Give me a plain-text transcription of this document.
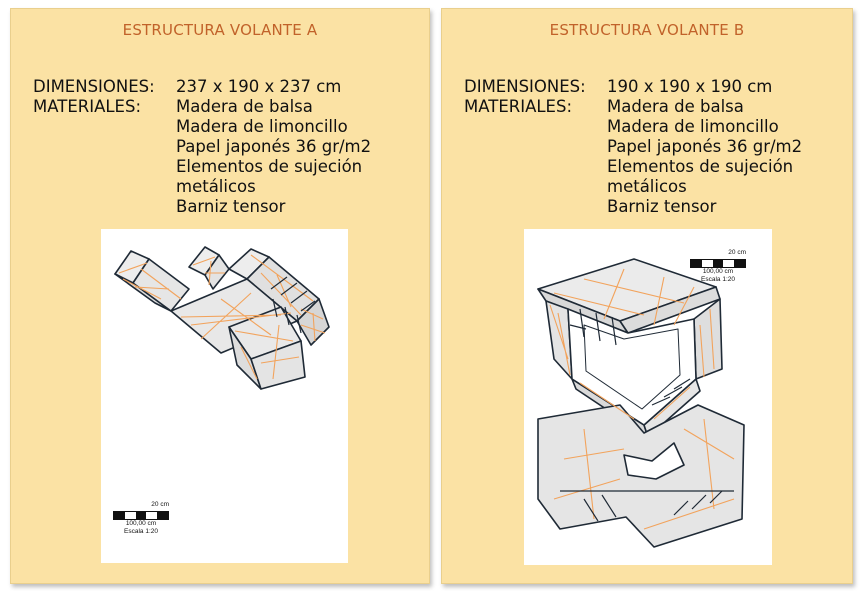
ESTRUCTURA VOLANTE A
DIMENSIONES:	237 x 190 x 237 cm
MATERIALES:	Madera de balsa
Madera de limoncillo
Papel japonés 36 gr/m2
Elementos de sujeción
metálicos
Barniz tensor
20 cm
100,00 cm
Escala 1:20
ESTRUCTURA VOLANTE B
DIMENSIONES:	190 x 190 x 190 cm
MATERIALES:	Madera de balsa
Madera de limoncillo
Papel japonés 36 gr/m2
Elementos de sujeción
metálicos
Barniz tensor
20 cm
100,00 cm
Escala 1:20
